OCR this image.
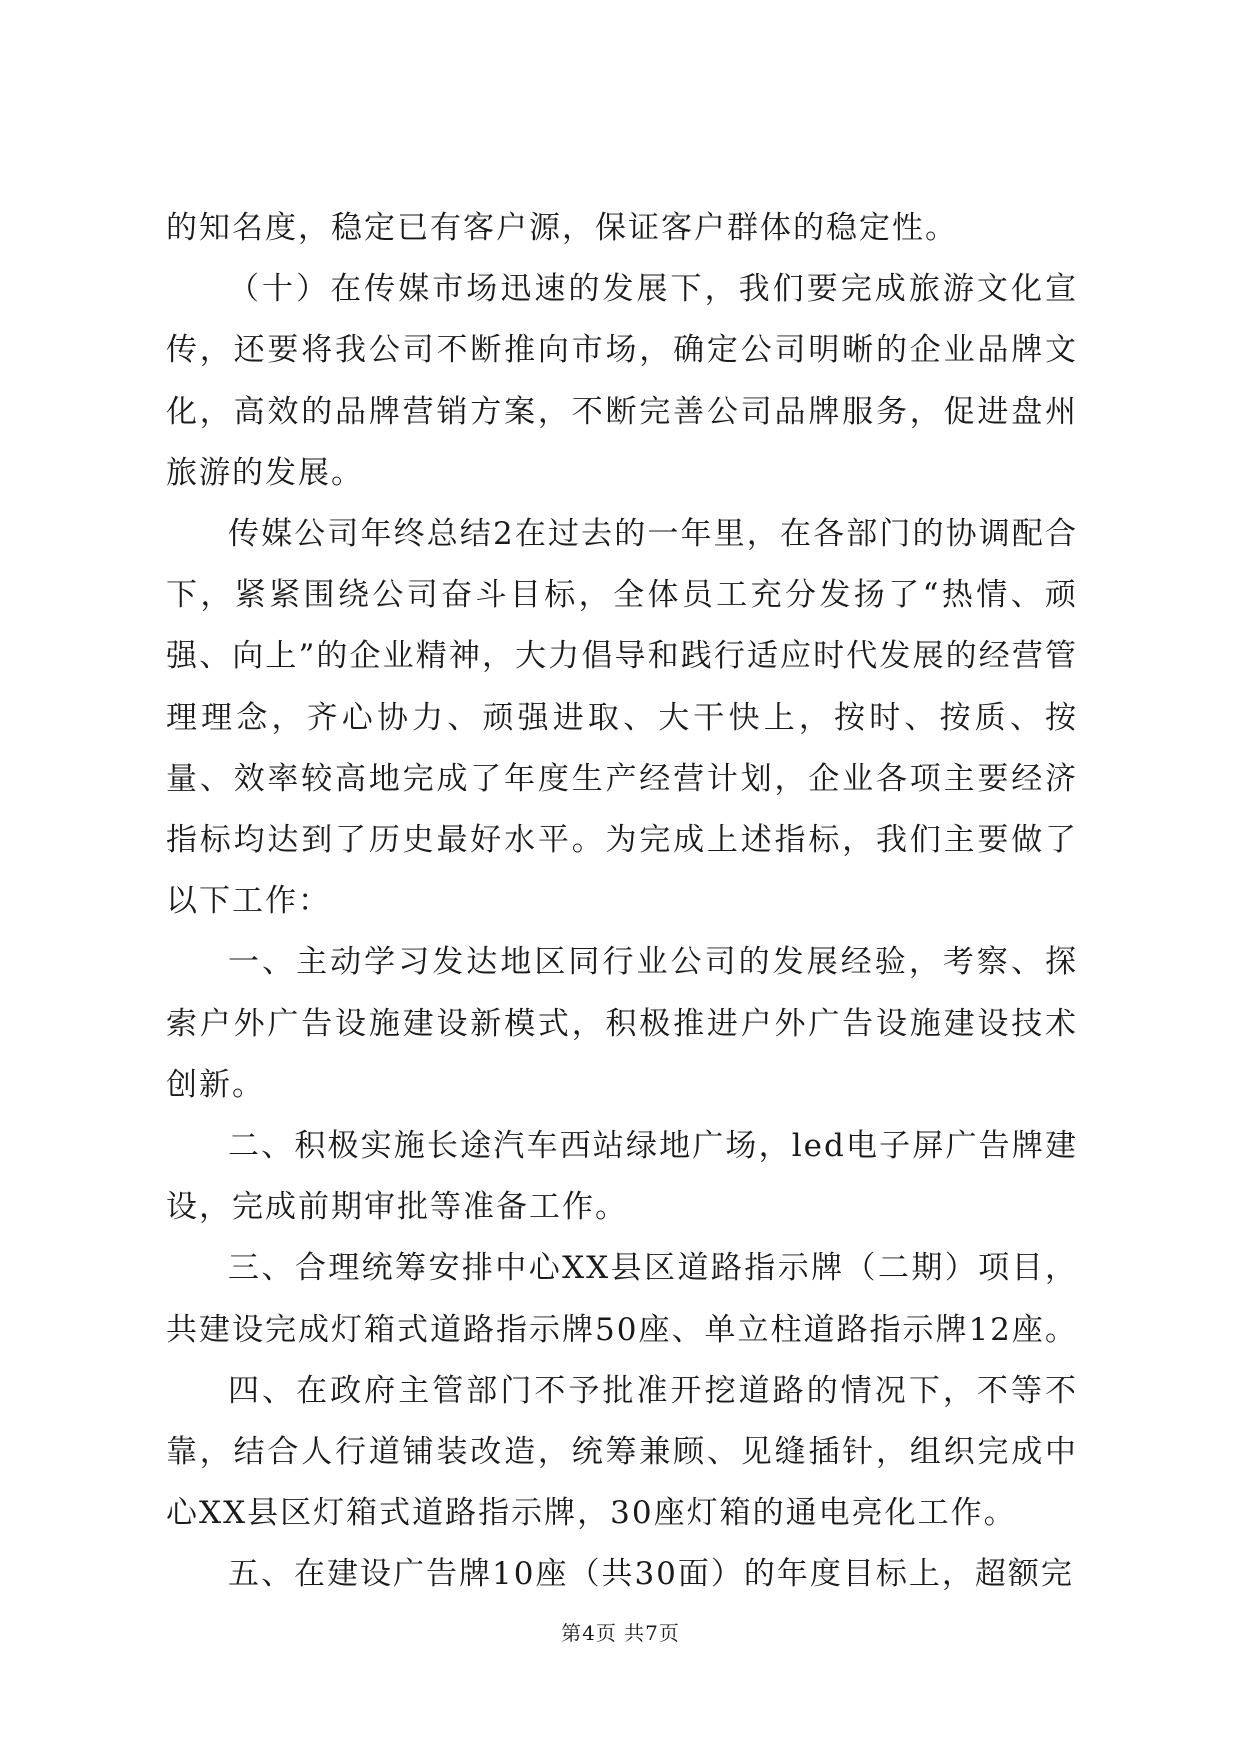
的知名度，稳定已有客户源，保证客户群体的稳定性。

（十）在传媒市场迅速的发展下，我们要完成旅游文化宣传，还要将我公司不断推向市场，确定公司明晰的企业品牌文化，高效的品牌营销方案，不断完善公司品牌服务，促进盘州旅游的发展。

传媒公司年终总结2在过去的一年里，在各部门的协调配合下，紧紧围绕公司奋斗目标，全体员工充分发扬了“热情、顽强、向上”的企业精神，大力倡导和践行适应时代发展的经营管理理念，齐心协力、顽强进取、大干快上，按时、按质、按量、效率较高地完成了年度生产经营计划，企业各项主要经济指标均达到了历史最好水平。为完成上述指标，我们主要做了以下工作：

一、主动学习发达地区同行业公司的发展经验，考察、探索户外广告设施建设新模式，积极推进户外广告设施建设技术创新。

二、积极实施长途汽车西站绿地广场，led电子屏广告牌建设，完成前期审批等准备工作。

三、合理统筹安排中心XX县区道路指示牌（二期）项目，共建设完成灯箱式道路指示牌50座、单立柱道路指示牌12座。

四、在政府主管部门不予批准开挖道路的情况下，不等不靠，结合人行道铺装改造，统筹兼顾、见缝插针，组织完成中心XX县区灯箱式道路指示牌，30座灯箱的通电亮化工作。

五、在建设广告牌10座（共30面）的年度目标上，超额完

第4页 共7页
